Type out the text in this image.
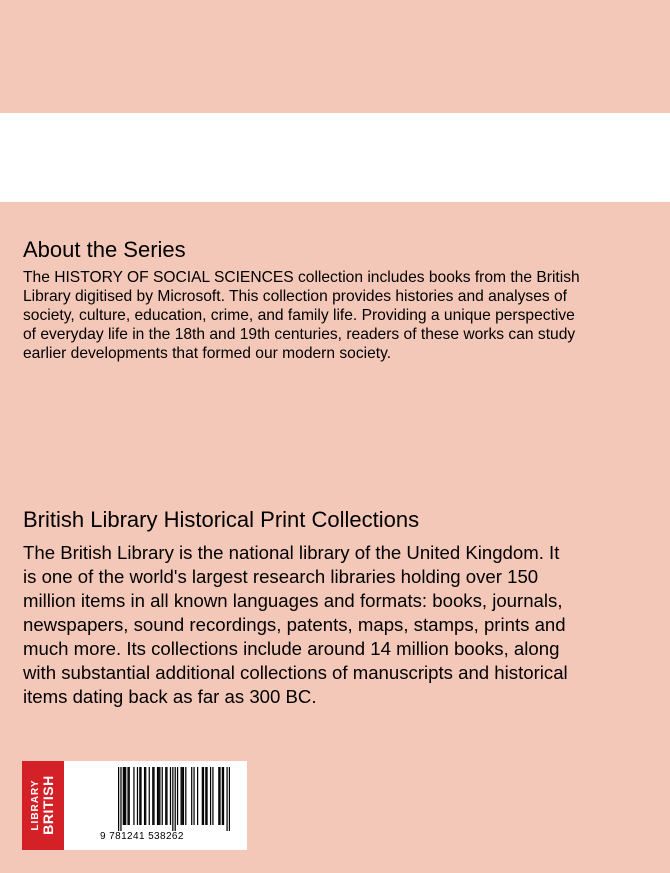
About the Series

The HISTORY OF SOCIAL SCIENCES collection includes books from the British
Library digitised by Microsoft. This collection provides histories and analyses of
society, culture, education, crime, and family life. Providing a unique perspective
of everyday life in the 18th and 19th centuries, readers of these works can study
earlier developments that formed our modern society.

British Library Historical Print Collections

The British Library is the national library of the United Kingdom. It
is one of the world's largest research libraries holding over 150
million items in all known languages and formats: books, journals,
newspapers, sound recordings, patents, maps, stamps, prints and
much more. Its collections include around 14 million books, along
with substantial additional collections of manuscripts and historical
items dating back as far as 300 BC.

LIBRARY BRITISH
9 781241 538262
